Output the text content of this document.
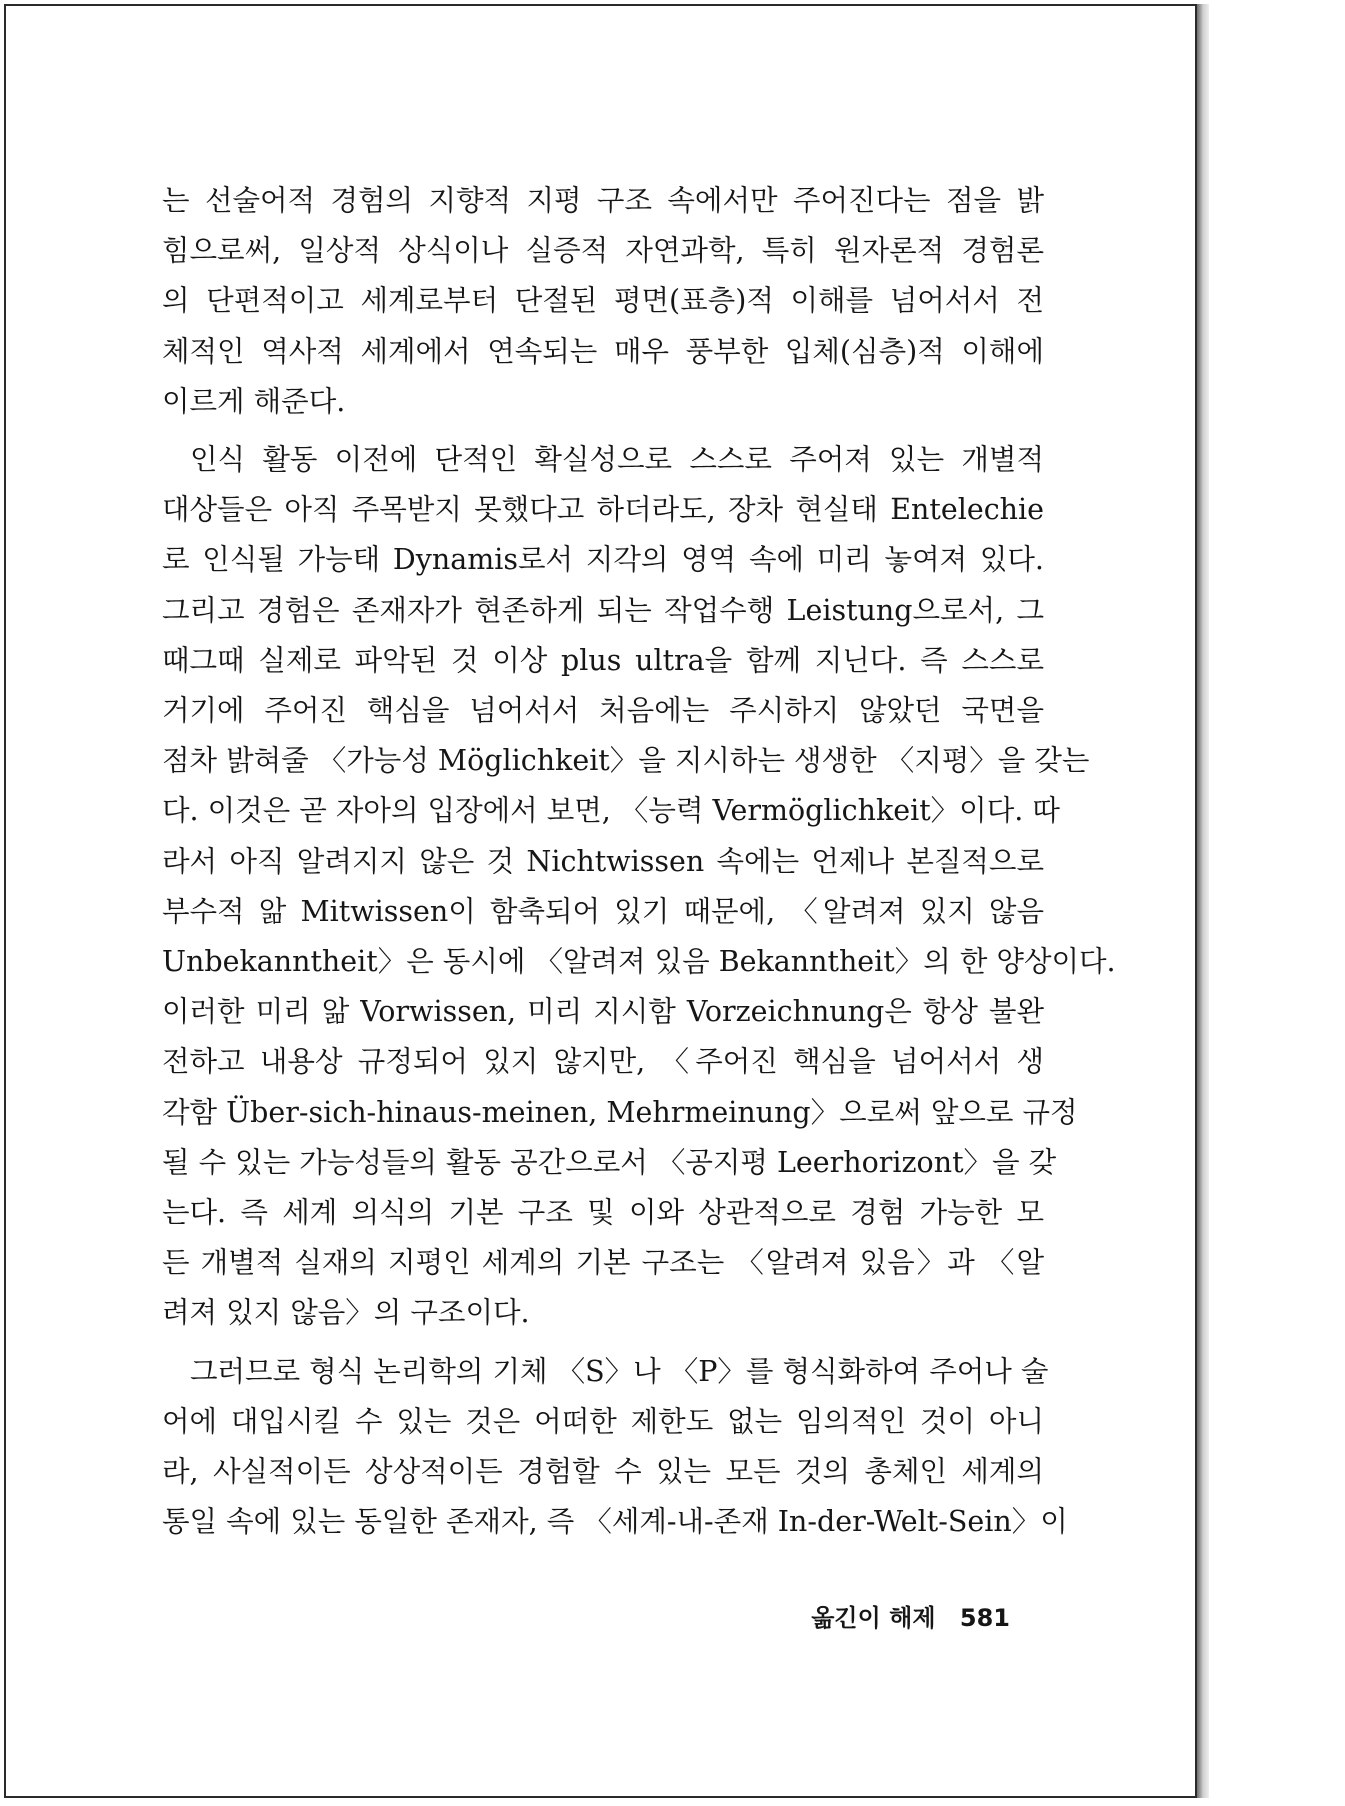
는 선술어적 경험의 지향적 지평 구조 속에서만 주어진다는 점을 밝
힘으로써, 일상적 상식이나 실증적 자연과학, 특히 원자론적 경험론
의 단편적이고 세계로부터 단절된 평면(표층)적 이해를 넘어서서 전
체적인 역사적 세계에서 연속되는 매우 풍부한 입체(심층)적 이해에
이르게 해준다.
인식 활동 이전에 단적인 확실성으로 스스로 주어져 있는 개별적
대상들은 아직 주목받지 못했다고 하더라도, 장차 현실태 Entelechie
로 인식될 가능태 Dynamis로서 지각의 영역 속에 미리 놓여져 있다.
그리고 경험은 존재자가 현존하게 되는 작업수행 Leistung으로서, 그
때그때 실제로 파악된 것 이상 plus ultra을 함께 지닌다. 즉 스스로
거기에 주어진 핵심을 넘어서서 처음에는 주시하지 않았던 국면을
점차 밝혀줄 〈가능성 Möglichkeit〉을 지시하는 생생한 〈지평〉을 갖는
다. 이것은 곧 자아의 입장에서 보면, 〈능력 Vermöglichkeit〉이다. 따
라서 아직 알려지지 않은 것 Nichtwissen 속에는 언제나 본질적으로
부수적 앎 Mitwissen이 함축되어 있기 때문에, 〈알려져 있지 않음
Unbekanntheit〉은 동시에 〈알려져 있음 Bekanntheit〉의 한 양상이다.
이러한 미리 앎 Vorwissen, 미리 지시함 Vorzeichnung은 항상 불완
전하고 내용상 규정되어 있지 않지만, 〈주어진 핵심을 넘어서서 생
각함 Über-sich-hinaus-meinen, Mehrmeinung〉으로써 앞으로 규정
될 수 있는 가능성들의 활동 공간으로서 〈공지평 Leerhorizont〉을 갖
는다. 즉 세계 의식의 기본 구조 및 이와 상관적으로 경험 가능한 모
든 개별적 실재의 지평인 세계의 기본 구조는 〈알려져 있음〉과 〈알
려져 있지 않음〉의 구조이다.
그러므로 형식 논리학의 기체 〈S〉나 〈P〉를 형식화하여 주어나 술
어에 대입시킬 수 있는 것은 어떠한 제한도 없는 임의적인 것이 아니
라, 사실적이든 상상적이든 경험할 수 있는 모든 것의 총체인 세계의
통일 속에 있는 동일한 존재자, 즉 〈세계-내-존재 In-der-Welt-Sein〉이
옮긴이 해제 581
